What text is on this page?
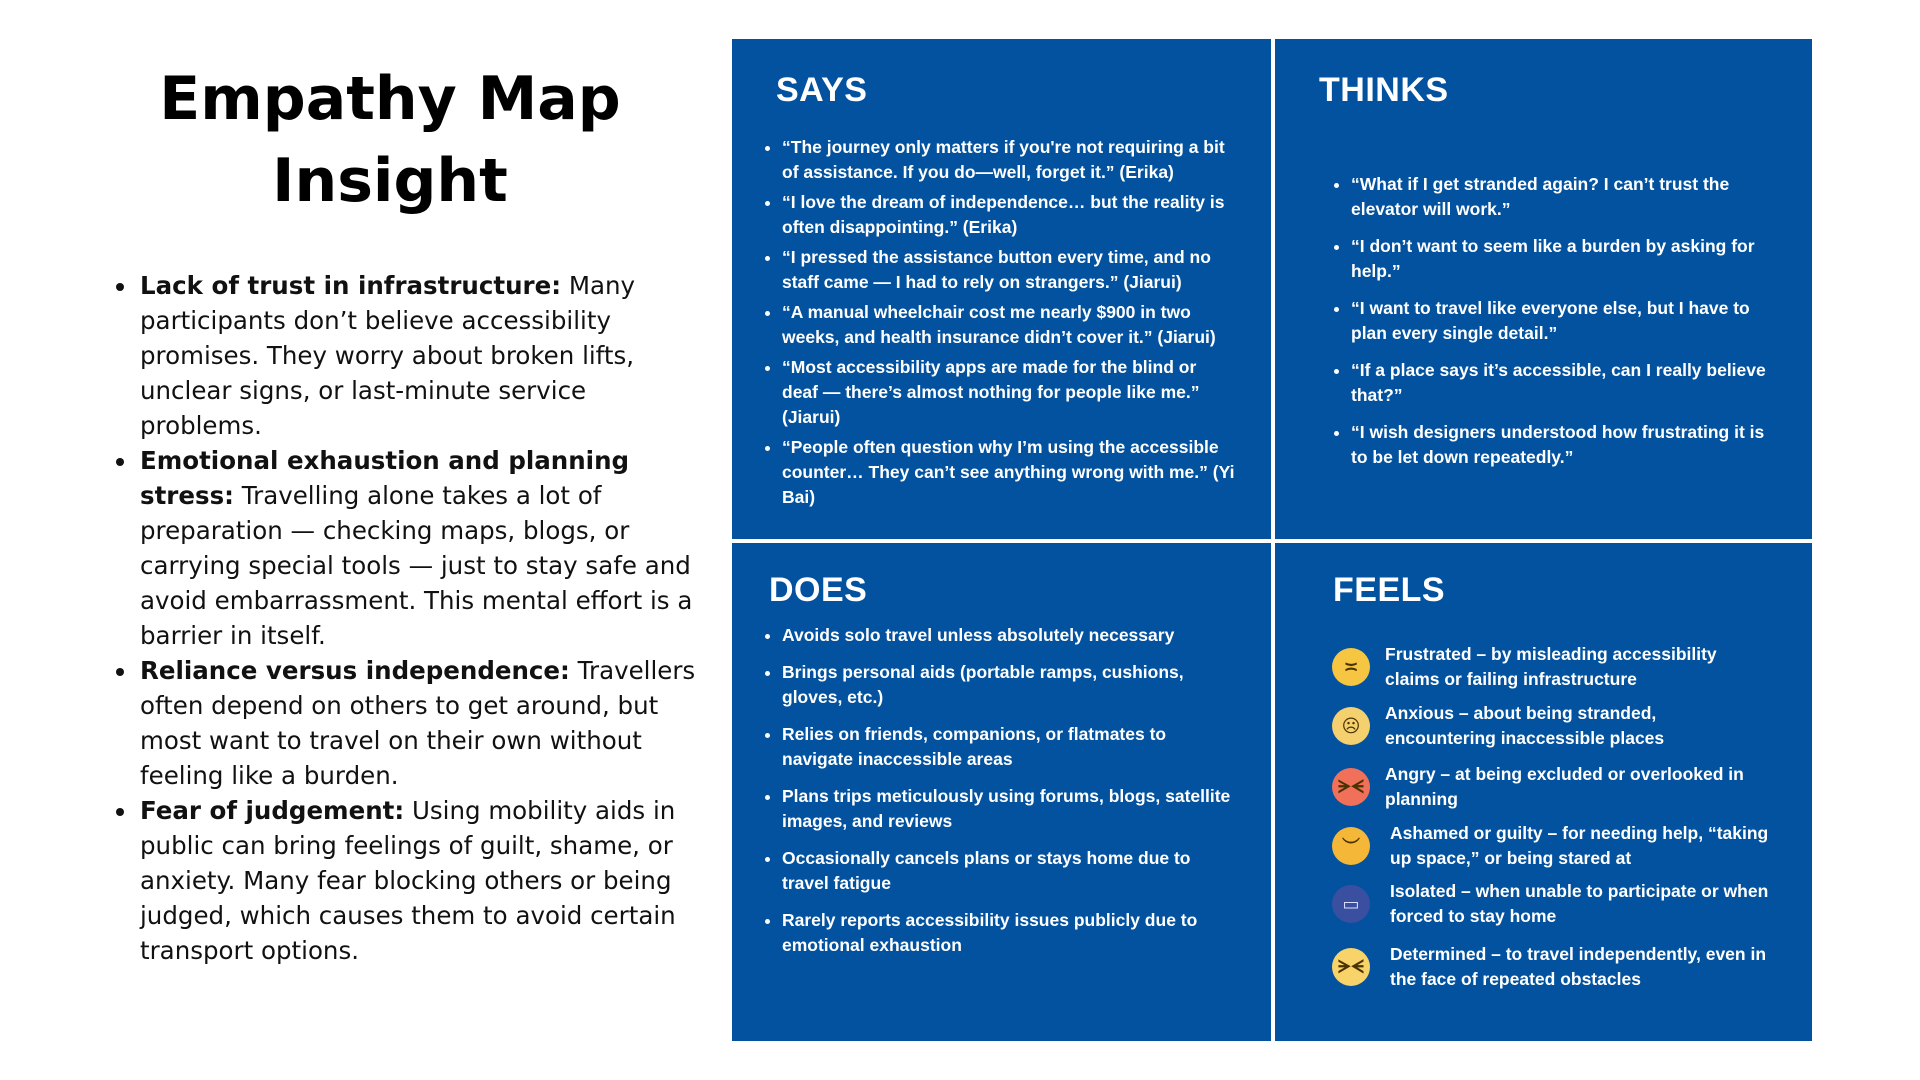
Empathy Map
Insight
• Lack of trust in infrastructure: Many participants don’t believe accessibility promises. They worry about broken lifts, unclear signs, or last-minute service problems.
• Emotional exhaustion and planning stress: Travelling alone takes a lot of preparation — checking maps, blogs, or carrying special tools — just to stay safe and avoid embarrassment. This mental effort is a barrier in itself.
• Reliance versus independence: Travellers often depend on others to get around, but most want to travel on their own without feeling like a burden.
• Fear of judgement: Using mobility aids in public can bring feelings of guilt, shame, or anxiety. Many fear blocking others or being judged, which causes them to avoid certain transport options.
SAYS
• “The journey only matters if you're not requiring a bit of assistance. If you do—well, forget it.” (Erika)
• “I love the dream of independence… but the reality is often disappointing.” (Erika)
• “I pressed the assistance button every time, and no staff came — I had to rely on strangers.” (Jiarui)
• “A manual wheelchair cost me nearly $900 in two weeks, and health insurance didn’t cover it.” (Jiarui)
• “Most accessibility apps are made for the blind or deaf — there’s almost nothing for people like me.” (Jiarui)
• “People often question why I’m using the accessible counter… They can’t see anything wrong with me.” (Yi Bai)
THINKS
• “What if I get stranded again? I can’t trust the elevator will work.”
• “I don’t want to seem like a burden by asking for help.”
• “I want to travel like everyone else, but I have to plan every single detail.”
• “If a place says it’s accessible, can I really believe that?”
• “I wish designers understood how frustrating it is to be let down repeatedly.”
DOES
• Avoids solo travel unless absolutely necessary
• Brings personal aids (portable ramps, cushions, gloves, etc.)
• Relies on friends, companions, or flatmates to navigate inaccessible areas
• Plans trips meticulously using forums, blogs, satellite images, and reviews
• Occasionally cancels plans or stays home due to travel fatigue
• Rarely reports accessibility issues publicly due to emotional exhaustion
FEELS
≍
Frustrated – by misleading accessibility claims or failing infrastructure
☹
Anxious – about being stranded, encountering inaccessible places
ᗒᗕ
Angry – at being excluded or overlooked in planning
︶
Ashamed or guilty – for needing help, “taking up space,” or being stared at
▭
Isolated – when unable to participate or when forced to stay home
ᗒᗕ
Determined – to travel independently, even in the face of repeated obstacles
